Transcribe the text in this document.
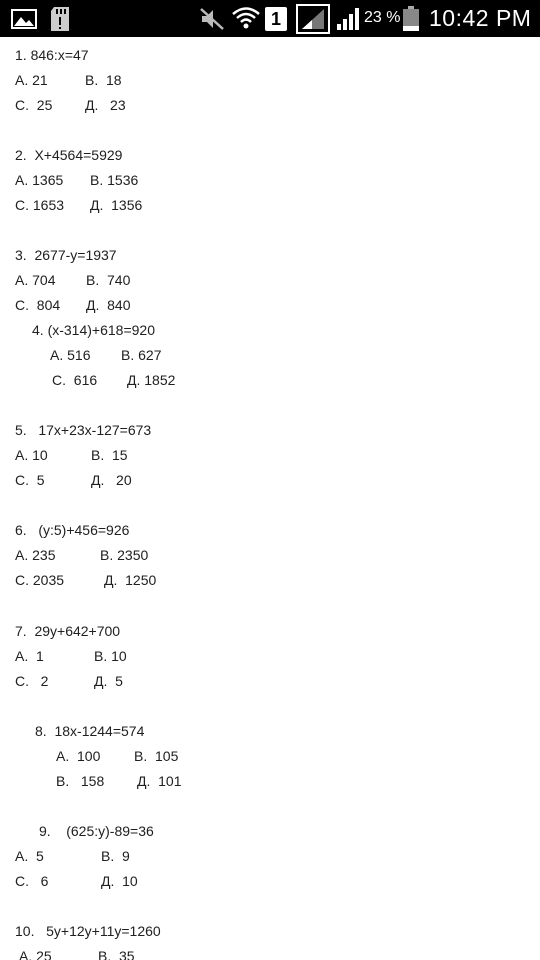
1	23 % 10:42 PM
1. 846:x=47
A. 21	B.  18
C.  25 Д.   23
2.  X+4564=5929
A. 1365 B. 1536
C. 1653 Д.  1356
3.  2677-y=1937
A. 704 B.  740
C.  804 Д.  840
4. (x-314)+618=920
A. 516 B. 627
C.  616 Д. 1852
5.   17x+23x-127=673
A. 10	B.  15
C.  5	Д.   20
6.   (y:5)+456=926
A. 235	B. 2350
C. 2035	Д.  1250
7.  29y+642+700
A.  1	B. 10
C.   2	Д.  5
8.  18x-1244=574
A.  100 B.  105
B.   158 Д.  101
9.    (625:y)-89=36
A.  5	B.  9
C.   6	Д.  10
10.   5y+12y+11y=1260
A. 25	B.  35
